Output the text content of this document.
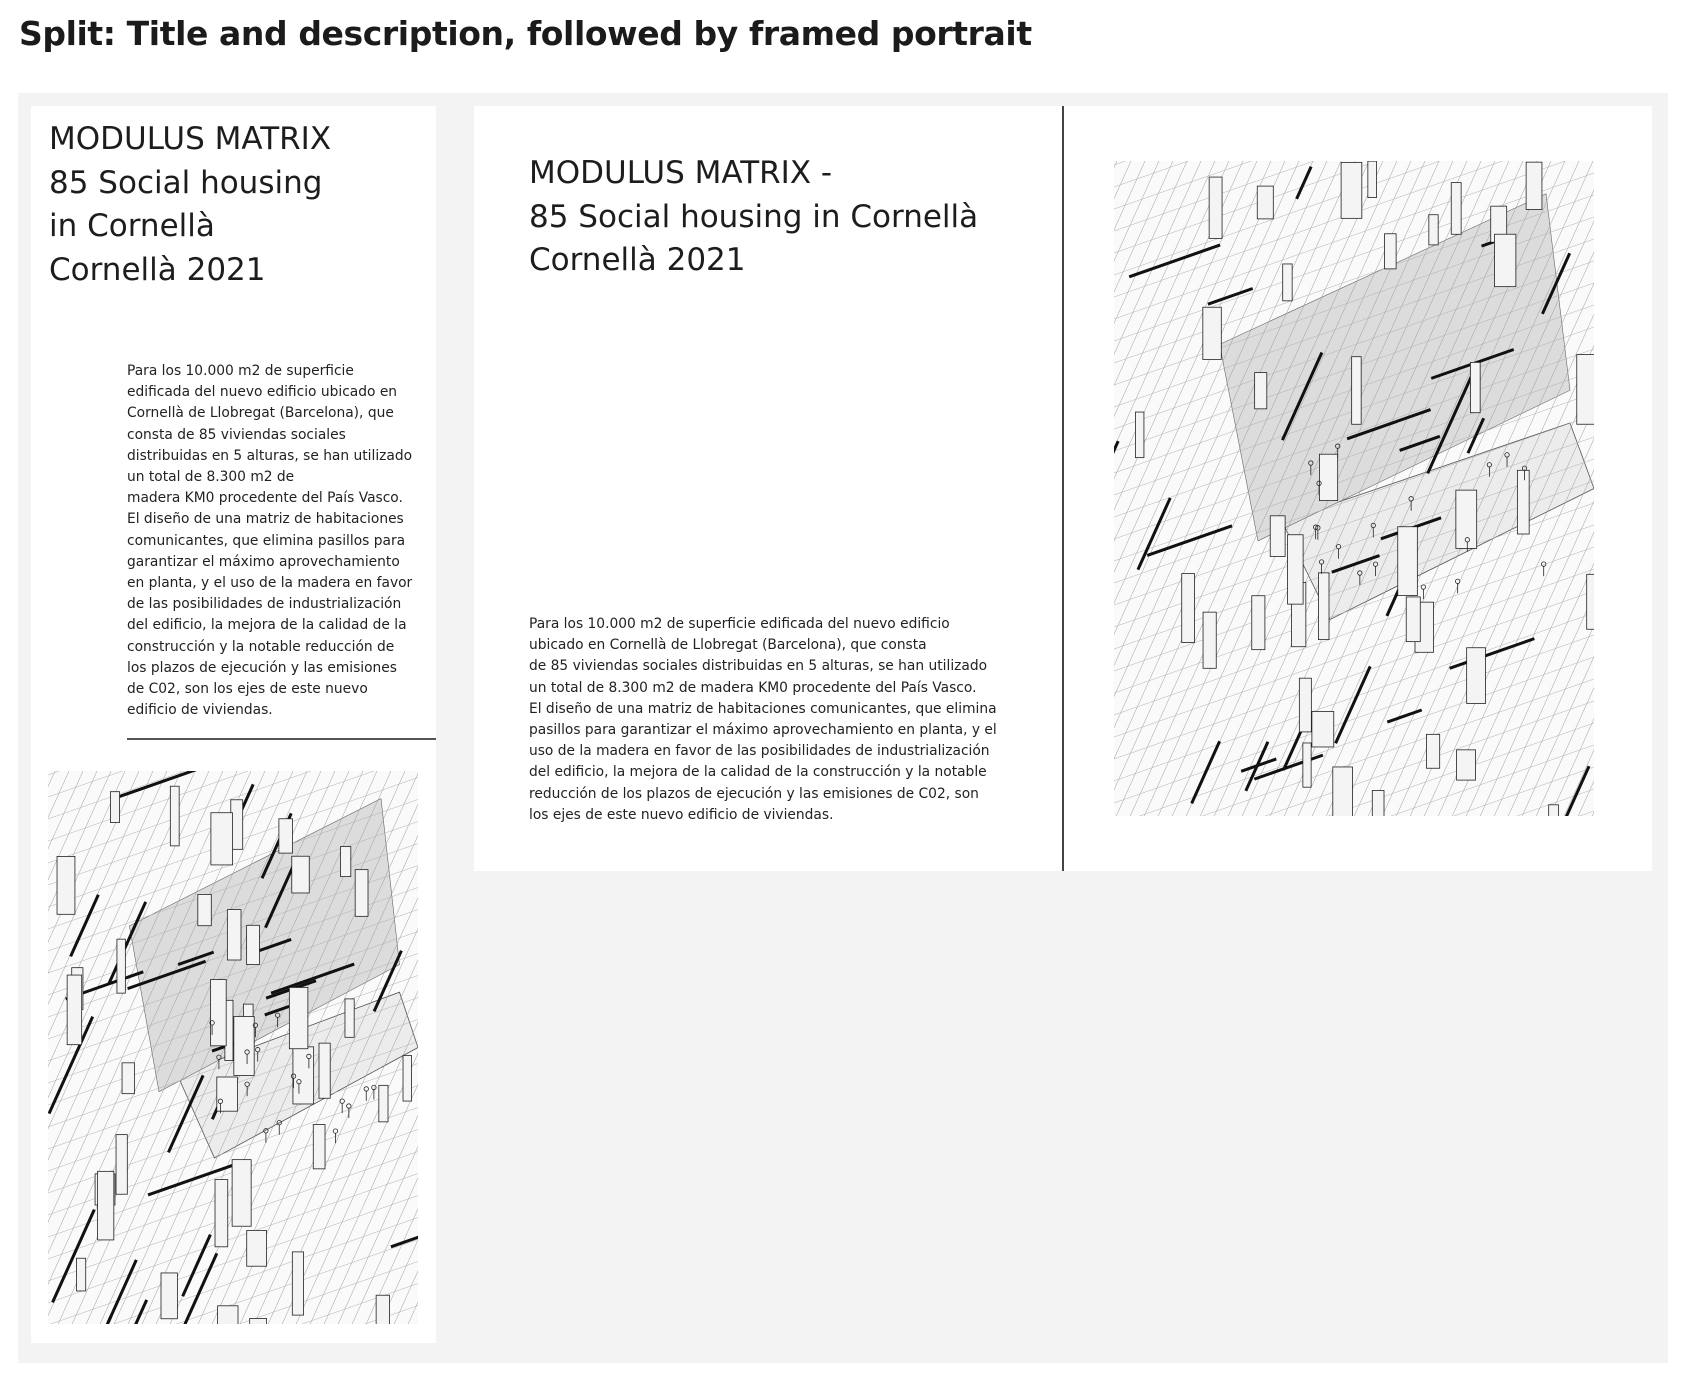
Split: Title and description, followed by framed portrait
MODULUS MATRIX
85 Social housing
in Cornellà
Cornellà 2021

Para los 10.000 m2 de superficie
edificada del nuevo edificio ubicado en
Cornellà de Llobregat (Barcelona), que
consta de 85 viviendas sociales
distribuidas en 5 alturas, se han utilizado
un total de 8.300 m2 de
madera KM0 procedente del País Vasco.
El diseño de una matriz de habitaciones
comunicantes, que elimina pasillos para
garantizar el máximo aprovechamiento
en planta, y el uso de la madera en favor
de las posibilidades de industrialización
del edificio, la mejora de la calidad de la
construcción y la notable reducción de
los plazos de ejecución y las emisiones
de C02, son los ejes de este nuevo
edificio de viviendas.

MODULUS MATRIX -
85 Social housing in Cornellà
Cornellà 2021

Para los 10.000 m2 de superficie edificada del nuevo edificio
ubicado en Cornellà de Llobregat (Barcelona), que consta
de 85 viviendas sociales distribuidas en 5 alturas, se han utilizado
un total de 8.300 m2 de madera KM0 procedente del País Vasco.
El diseño de una matriz de habitaciones comunicantes, que elimina
pasillos para garantizar el máximo aprovechamiento en planta, y el
uso de la madera en favor de las posibilidades de industrialización
del edificio, la mejora de la calidad de la construcción y la notable
reducción de los plazos de ejecución y las emisiones de C02, son
los ejes de este nuevo edificio de viviendas.
